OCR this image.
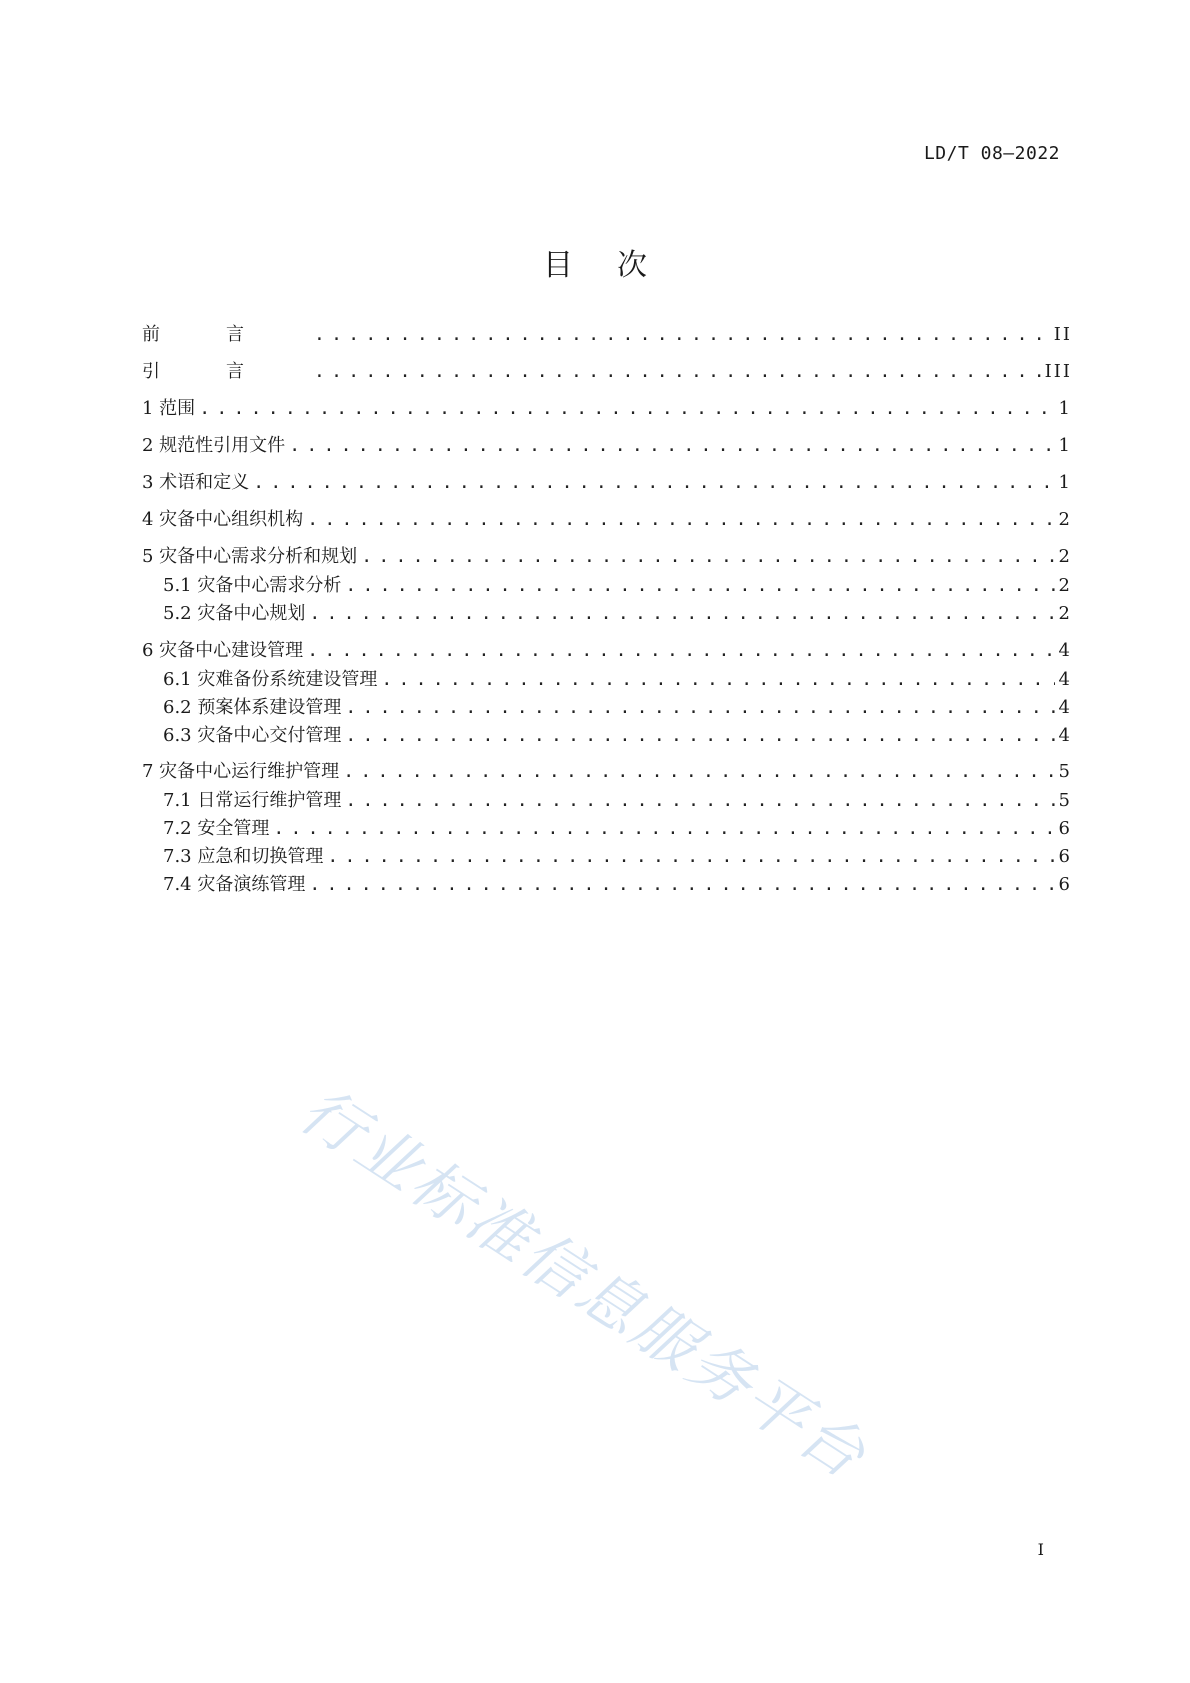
LD/T 08—2022
目次
前言 .....	II
引言 .....	III
1 范围 .....	1
2 规范性引用文件 .....	1
3 术语和定义 .....	1
4 灾备中心组织机构 .....	2
5 灾备中心需求分析和规划 .....	2
5.1 灾备中心需求分析 .....	2
5.2 灾备中心规划 .....	2
6 灾备中心建设管理 .....	4
6.1 灾难备份系统建设管理 .....	4
6.2 预案体系建设管理 .....	4
6.3 灾备中心交付管理 .....	4
7 灾备中心运行维护管理 .....	5
7.1 日常运行维护管理 .....	5
7.2 安全管理 .....	6
7.3 应急和切换管理 .....	6
7.4 灾备演练管理 .....	6
行业标准信息服务平台
I
